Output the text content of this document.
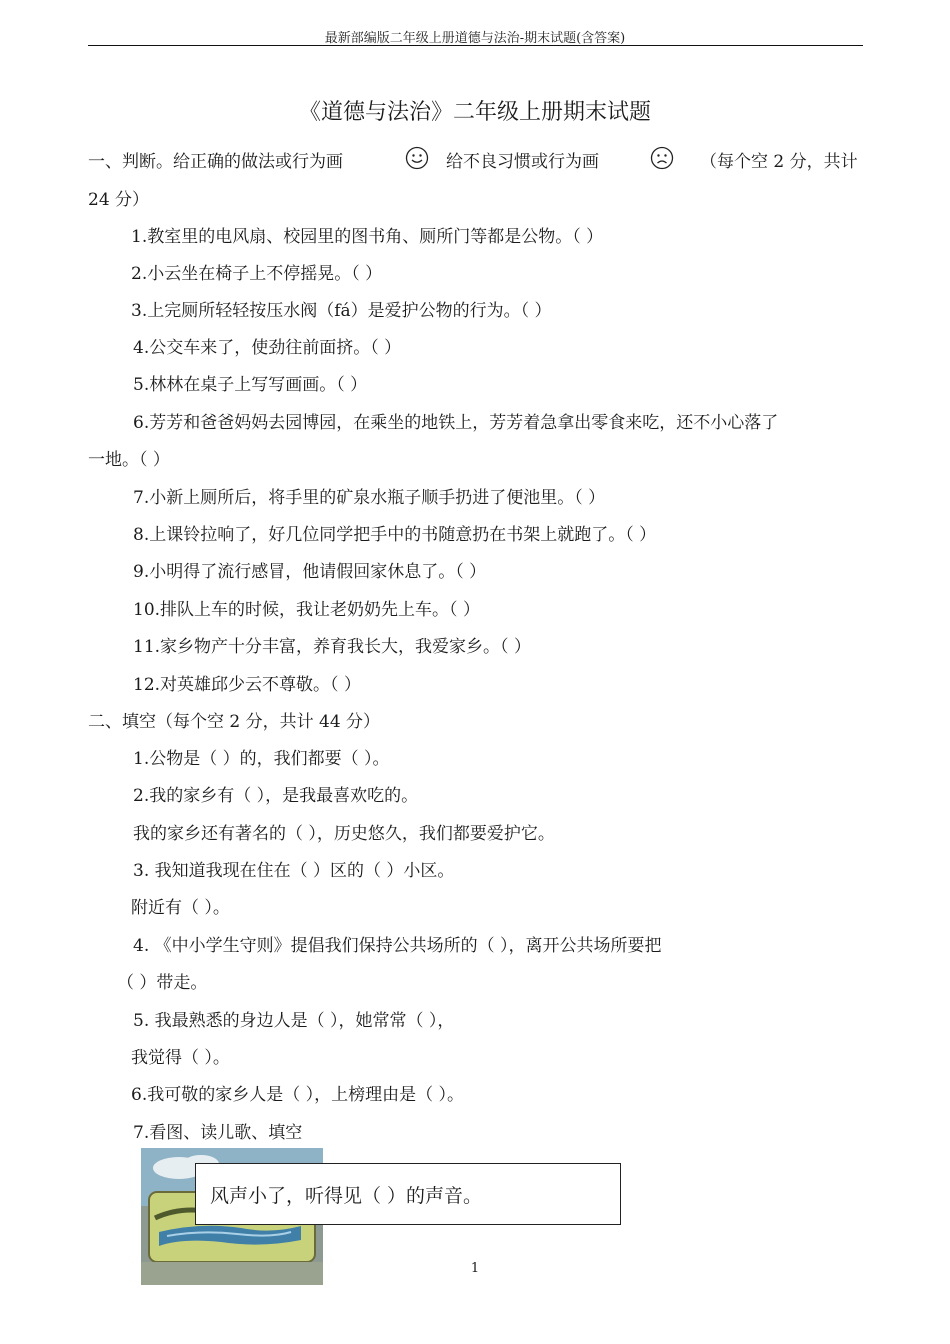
最新部编版二年级上册道德与法治-期末试题(含答案)
《道德与法治》二年级上册期末试题
一、判断。给正确的做法或行为画	给不良习惯或行为画	（每个空 2 分，共计
24 分）
1.教室里的电风扇、校园里的图书角、厕所门等都是公物。（ ）
2.小云坐在椅子上不停摇晃。（ ）
3.上完厕所轻轻按压水阀（fá）是爱护公物的行为。（ ）
4.公交车来了，使劲往前面挤。（ ）
5.林林在桌子上写写画画。（ ）
6.芳芳和爸爸妈妈去园博园，在乘坐的地铁上，芳芳着急拿出零食来吃，还不小心落了
一地。（ ）
7.小新上厕所后，将手里的矿泉水瓶子顺手扔进了便池里。（ ）
8.上课铃拉响了，好几位同学把手中的书随意扔在书架上就跑了。（ ）
9.小明得了流行感冒，他请假回家休息了。（ ）
10.排队上车的时候，我让老奶奶先上车。（ ）
11.家乡物产十分丰富，养育我长大，我爱家乡。（ ）
12.对英雄邱少云不尊敬。（ ）
二、填空（每个空 2 分，共计 44 分）
1.公物是（ ）的，我们都要（ ）。
2.我的家乡有（ ），是我最喜欢吃的。
我的家乡还有著名的（ ），历史悠久，我们都要爱护它。
3. 我知道我现在住在（ ）区的（ ）小区。
附近有（ ）。
4. 《中小学生守则》提倡我们保持公共场所的（ ），离开公共场所要把
（ ）带走。
5. 我最熟悉的身边人是（ ），她常常（ ），
我觉得（ ）。
6.我可敬的家乡人是（ ），上榜理由是（ ）。
7.看图、读儿歌、填空
风声小了，听得见（ ）的声音。
1
